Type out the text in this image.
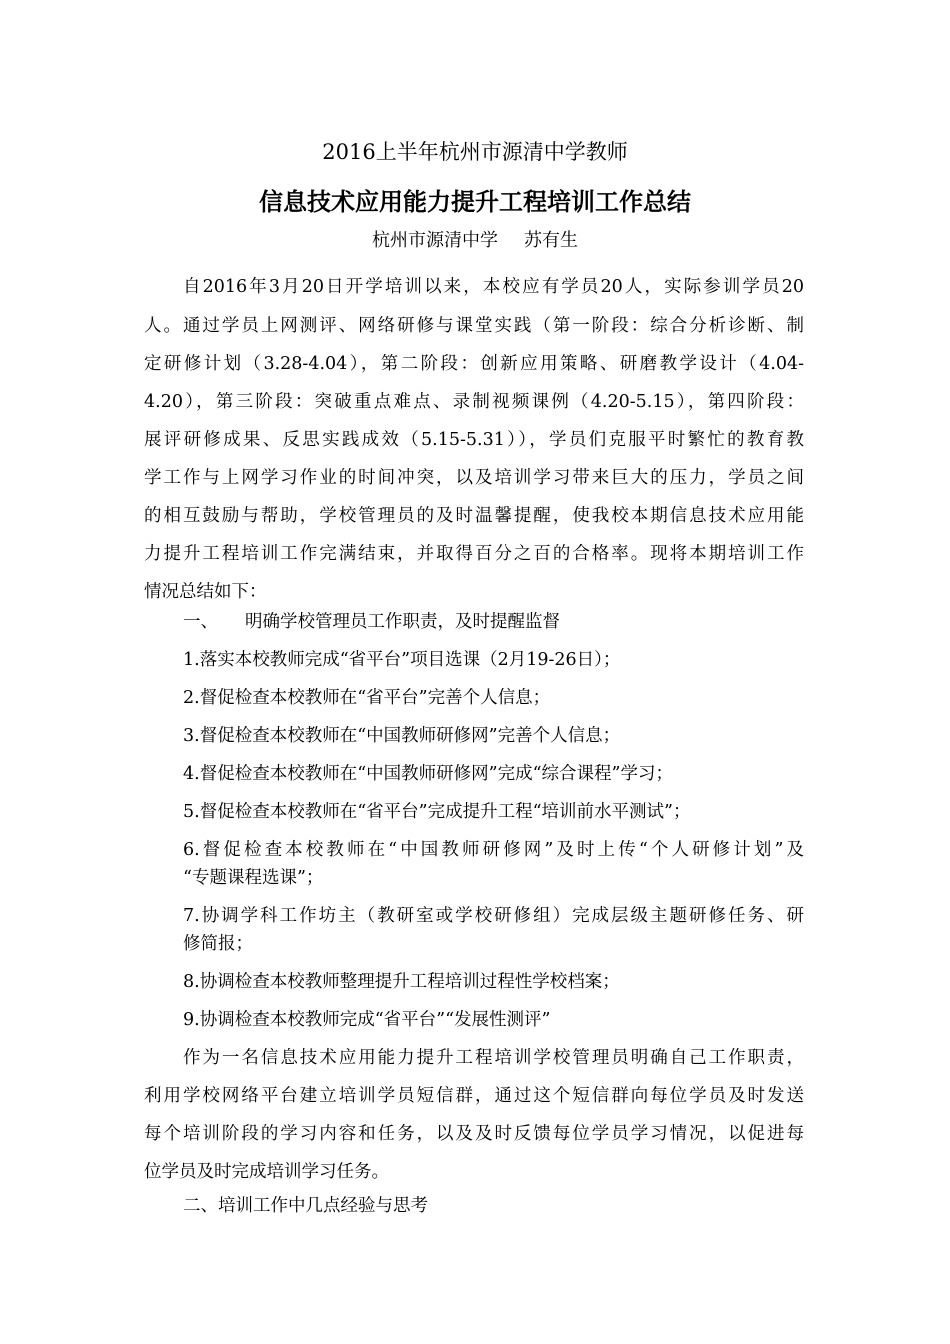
2016上半年杭州市源清中学教师
信息技术应用能力提升工程培训工作总结
杭州市源清中学 苏有生
自2016年3月20日开学培训以来，本校应有学员20人，实际参训学员20
人。通过学员上网测评、网络研修与课堂实践（第一阶段：综合分析诊断、制
定研修计划（3.28-4.04），第二阶段：创新应用策略、研磨教学设计（4.04-
4.20），第三阶段：突破重点难点、录制视频课例（4.20-5.15），第四阶段：
展评研修成果、反思实践成效（5.15-5.31）），学员们克服平时繁忙的教育教
学工作与上网学习作业的时间冲突，以及培训学习带来巨大的压力，学员之间
的相互鼓励与帮助，学校管理员的及时温馨提醒，使我校本期信息技术应用能
力提升工程培训工作完满结束，并取得百分之百的合格率。现将本期培训工作
情况总结如下：
一、 明确学校管理员工作职责，及时提醒监督
1.落实本校教师完成“省平台”项目选课（2月19-26日）；
2.督促检查本校教师在“省平台”完善个人信息；
3.督促检查本校教师在“中国教师研修网”完善个人信息；
4.督促检查本校教师在“中国教师研修网”完成“综合课程”学习；
5.督促检查本校教师在“省平台”完成提升工程“培训前水平测试”；
6.督促检查本校教师在“中国教师研修网”及时上传“个人研修计划”及
“专题课程选课”；
7.协调学科工作坊主（教研室或学校研修组）完成层级主题研修任务、研
修简报；
8.协调检查本校教师整理提升工程培训过程性学校档案；
9.协调检查本校教师完成“省平台”“发展性测评”
作为一名信息技术应用能力提升工程培训学校管理员明确自己工作职责，
利用学校网络平台建立培训学员短信群，通过这个短信群向每位学员及时发送
每个培训阶段的学习内容和任务，以及及时反馈每位学员学习情况，以促进每
位学员及时完成培训学习任务。
二、培训工作中几点经验与思考
